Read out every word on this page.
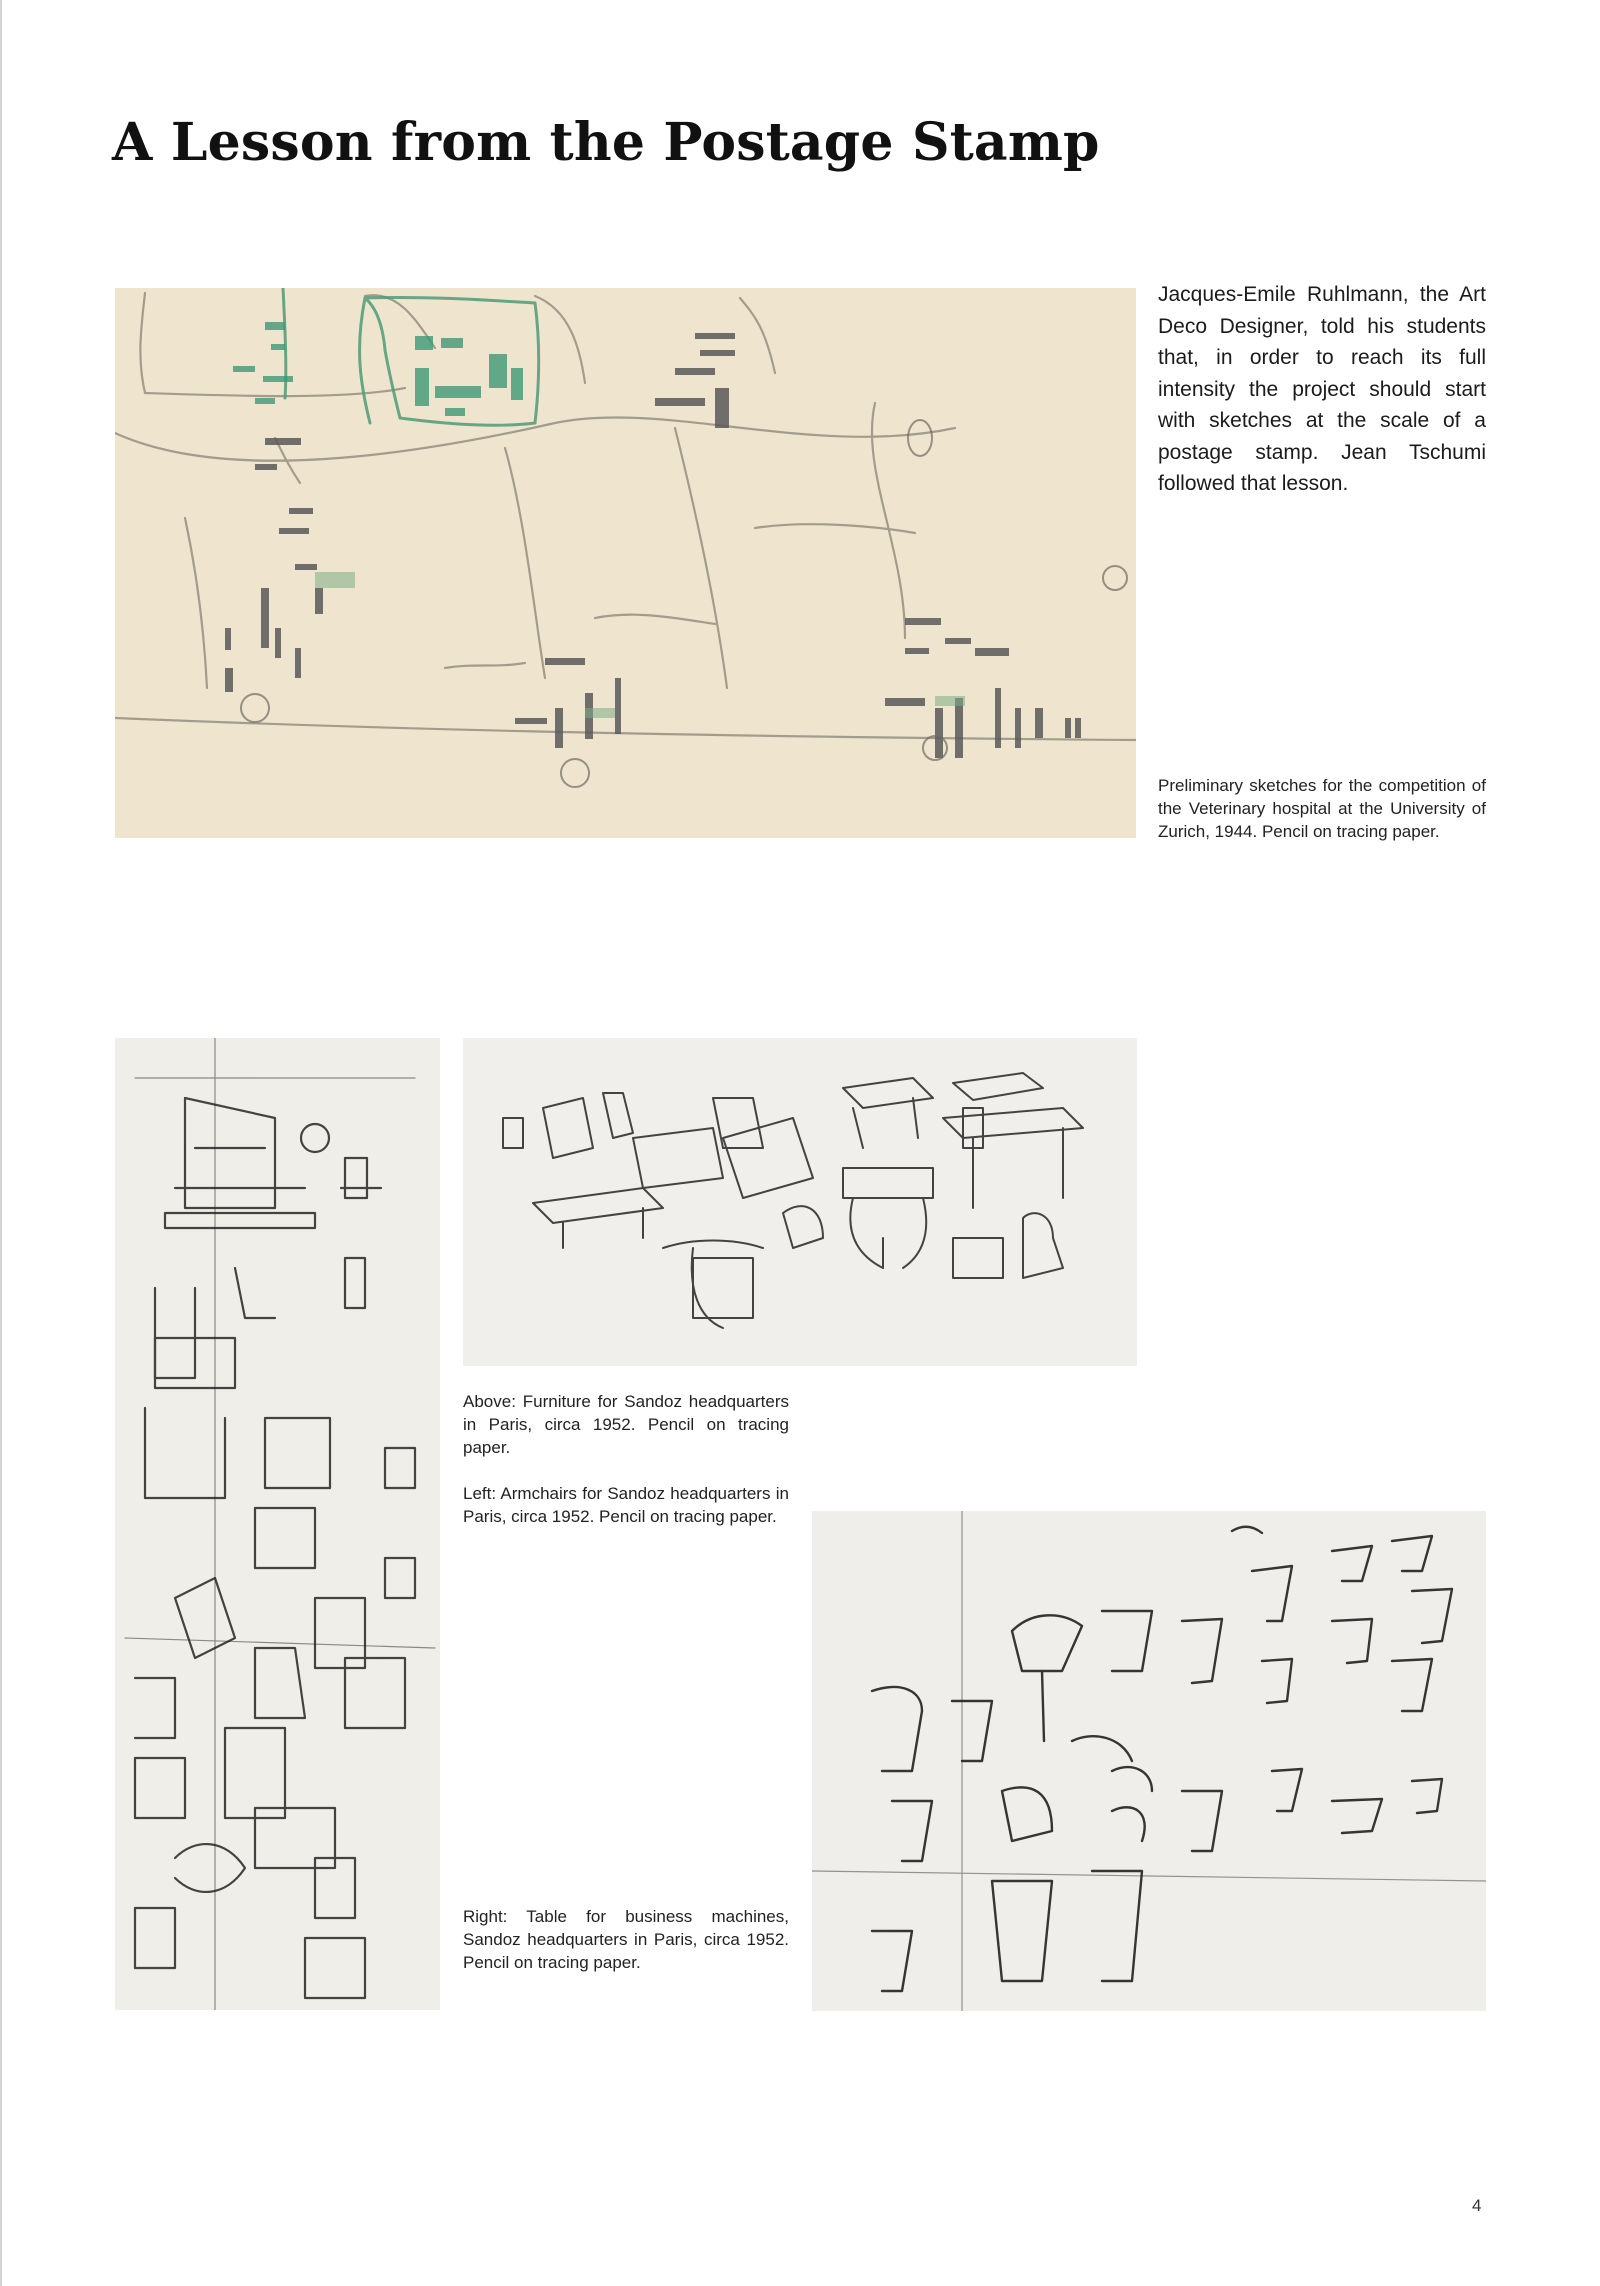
A Lesson from the Postage Stamp

Jacques-Emile Ruhlmann, the Art Deco Designer, told his students that, in order to reach its full intensity the project should start with sketches at the scale of a postage stamp. Jean Tschumi followed that lesson.

Preliminary sketches for the competition of the Veterinary hospital at the University of Zurich, 1944. Pencil on tracing paper.

Above: Furniture for Sandoz headquarters in Paris, circa 1952. Pencil on tracing paper.

Left: Armchairs for Sandoz headquarters in Paris, circa 1952. Pencil on tracing paper.

Right: Table for business machines, Sandoz headquarters in Paris, circa 1952. Pencil on tracing paper.

4
